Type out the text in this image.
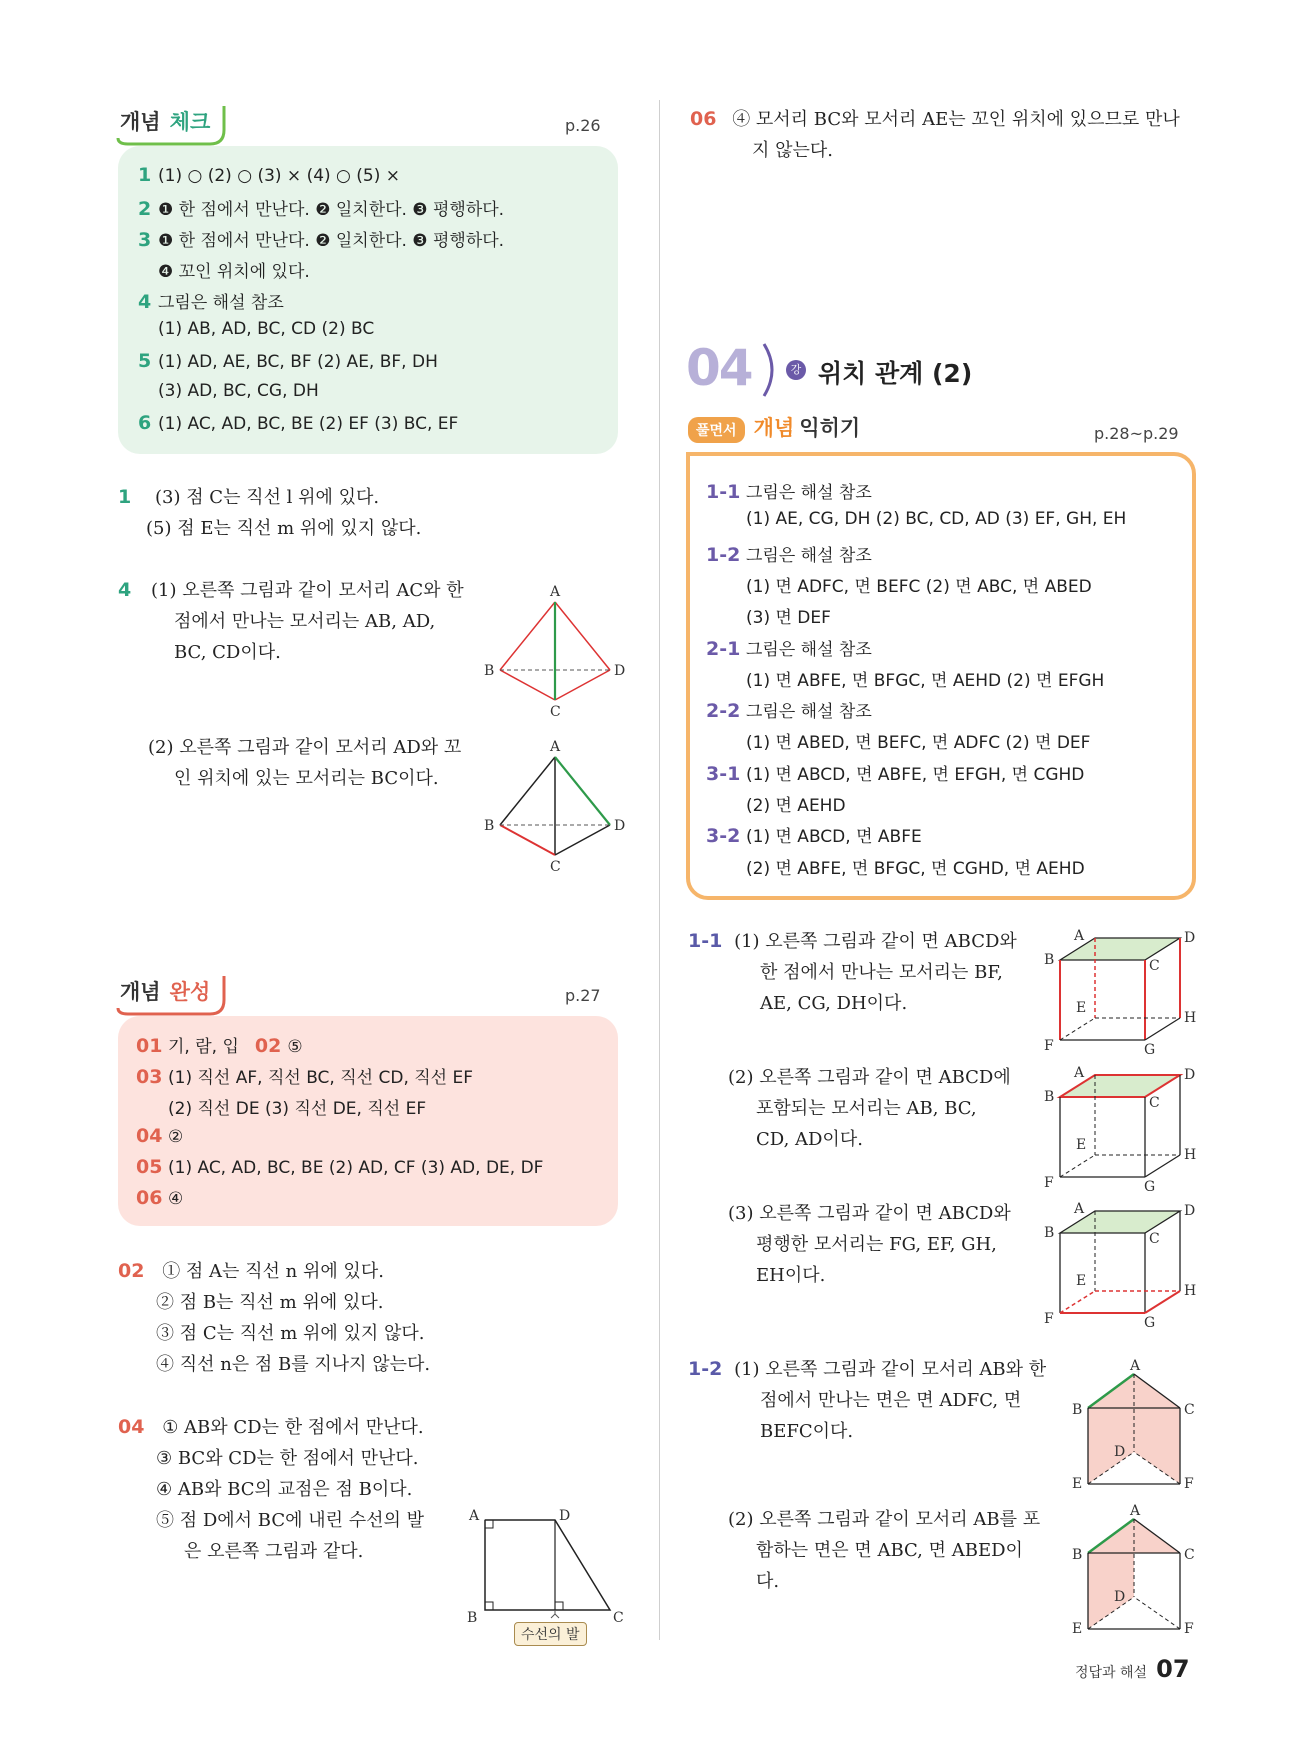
개념 체크	p.26
1 (1) ○ (2) ○ (3) × (4) ○ (5) ×
2 ❶ 한 점에서 만난다. ❷ 일치한다. ❸ 평행하다.
3 ❶ 한 점에서 만난다. ❷ 일치한다. ❸ 평행하다.
❹ 꼬인 위치에 있다.
4 그림은 해설 참조
(1) AB, AD, BC, CD (2) BC
5 (1) AD, AE, BC, BF (2) AE, BF, DH
(3) AD, BC, CG, DH
6 (1) AC, AD, BC, BE (2) EF (3) BC, EF
1 (3) 점 C는 직선 l 위에 있다.
(5) 점 E는 직선 m 위에 있지 않다.
4 (1) 오른쪽 그림과 같이 모서리 AC와 한
점에서 만나는 모서리는 AB, AD,
BC, CD이다.
A
B	D
C
(2) 오른쪽 그림과 같이 모서리 AD와 꼬
인 위치에 있는 모서리는 BC이다.
A
B	D
C
개념 완성	p.27
01 기, 람, 입 02 ⑤
03 (1) 직선 AF, 직선 BC, 직선 CD, 직선 EF
(2) 직선 DE (3) 직선 DE, 직선 EF
04 ②
05 (1) AC, AD, BC, BE (2) AD, CF (3) AD, DE, DF
06 ④
02 ① 점 A는 직선 n 위에 있다.
② 점 B는 직선 m 위에 있다.
③ 점 C는 직선 m 위에 있지 않다.
④ 직선 n은 점 B를 지나지 않는다.
04 ① AB와 CD는 한 점에서 만난다.
③ BC와 CD는 한 점에서 만난다.
④ AB와 BC의 교점은 점 B이다.
⑤ 점 D에서 BC에 내린 수선의 발
은 오른쪽 그림과 같다.
A	D
B	C
수선의 발
06 ④ 모서리 BC와 모서리 AE는 꼬인 위치에 있으므로 만나
지 않는다.
04	강 위치 관계 (2)
풀면서 개념 익히기	p.28~p.29
1-1 그림은 해설 참조
(1) AE, CG, DH (2) BC, CD, AD (3) EF, GH, EH
1-2 그림은 해설 참조
(1) 면 ADFC, 면 BEFC (2) 면 ABC, 면 ABED
(3) 면 DEF
2-1 그림은 해설 참조
(1) 면 ABFE, 면 BFGC, 면 AEHD (2) 면 EFGH
2-2 그림은 해설 참조
(1) 면 ABED, 면 BEFC, 면 ADFC (2) 면 DEF
3-1 (1) 면 ABCD, 면 ABFE, 면 EFGH, 면 CGHD
(2) 면 AEHD
3-2 (1) 면 ABCD, 면 ABFE
(2) 면 ABFE, 면 BFGC, 면 CGHD, 면 AEHD
1-1 (1) 오른쪽 그림과 같이 면 ABCD와
한 점에서 만나는 모서리는 BF,
AE, CG, DH이다.
A	D
B	C
E
H
F	G
(2) 오른쪽 그림과 같이 면 ABCD에
포함되는 모서리는 AB, BC,
CD, AD이다.
A	D
B	C
E
H
F	G
(3) 오른쪽 그림과 같이 면 ABCD와
평행한 모서리는 FG, EF, GH,
EH이다.
A	D
B	C
E
H
F	G
1-2 (1) 오른쪽 그림과 같이 모서리 AB와 한
점에서 만나는 면은 면 ADFC, 면
BEFC이다.
A
B	C
D
E	F
(2) 오른쪽 그림과 같이 모서리 AB를 포
함하는 면은 면 ABC, 면 ABED이
다.
A
B	C
D
E	F
정답과 해설 07
